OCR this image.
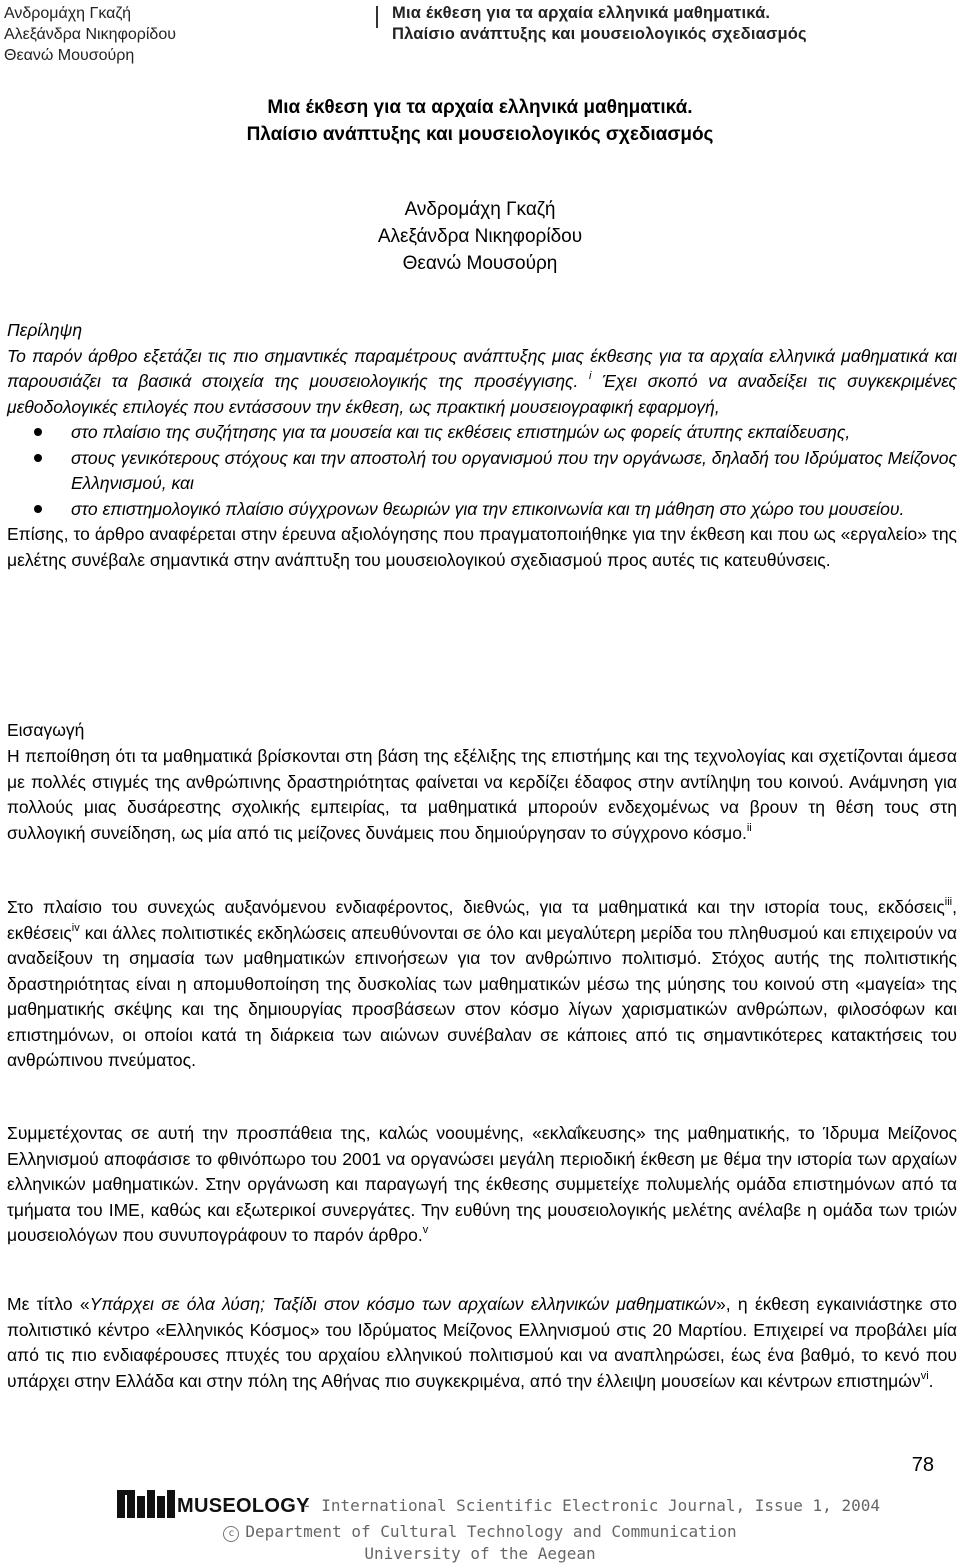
Ανδρομάχη Γκαζή
Αλεξάνδρα Νικηφορίδου
Θεανώ Μουσούρη
Μια έκθεση για τα αρχαία ελληνικά μαθηματικά.
Πλαίσιο ανάπτυξης και μουσειολογικός σχεδιασμός
Μια έκθεση για τα αρχαία ελληνικά μαθηματικά.
Πλαίσιο ανάπτυξης και μουσειολογικός σχεδιασμός
Ανδρομάχη Γκαζή
Αλεξάνδρα Νικηφορίδου
Θεανώ Μουσούρη
Περίληψη

Το παρόν άρθρο εξετάζει τις πιο σημαντικές παραμέτρους ανάπτυξης μιας έκθεσης για τα αρχαία ελληνικά μαθηματικά και παρουσιάζει τα βασικά στοιχεία της μουσειολογικής της προσέγγισης. $^i$ Έχει σκοπό να αναδείξει τις συγκεκριμένες μεθοδολογικές επιλογές που εντάσσουν την έκθεση, ως πρακτική μουσειογραφική εφαρμογή,

στο πλαίσιο της συζήτησης για τα μουσεία και τις εκθέσεις επιστημών ως φορείς άτυπης εκπαίδευσης,
στους γενικότερους στόχους και την αποστολή του οργανισμού που την οργάνωσε, δηλαδή του Ιδρύματος Μείζονος Ελληνισμού, και
στο επιστημολογικό πλαίσιο σύγχρονων θεωριών για την επικοινωνία και τη μάθηση στο χώρο του μουσείου.

Επίσης, το άρθρο αναφέρεται στην έρευνα αξιολόγησης που πραγματοποιήθηκε για την έκθεση και που ως «εργαλείο» της μελέτης συνέβαλε σημαντικά στην ανάπτυξη του μουσειολογικού σχεδιασμού προς αυτές τις κατευθύνσεις.

Εισαγωγή

Η πεποίθηση ότι τα μαθηματικά βρίσκονται στη βάση της εξέλιξης της επιστήμης και της τεχνολογίας και σχετίζονται άμεσα με πολλές στιγμές της ανθρώπινης δραστηριότητας φαίνεται να κερδίζει έδαφος στην αντίληψη του κοινού. Ανάμνηση για πολλούς μιας δυσάρεστης σχολικής εμπειρίας, τα μαθηματικά μπορούν ενδεχομένως να βρουν τη θέση τους στη συλλογική συνείδηση, ως μία από τις μείζονες δυνάμεις που δημιούργησαν το σύγχρονο κόσμο.$^{ii}$

Στο πλαίσιο του συνεχώς αυξανόμενου ενδιαφέροντος, διεθνώς, για τα μαθηματικά και την ιστορία τους, εκδόσεις$^{iii}$, εκθέσεις$^{iv}$ και άλλες πολιτιστικές εκδηλώσεις απευθύνονται σε όλο και μεγαλύτερη μερίδα του πληθυσμού και επιχειρούν να αναδείξουν τη σημασία των μαθηματικών επινοήσεων για τον ανθρώπινο πολιτισμό. Στόχος αυτής της πολιτιστικής δραστηριότητας είναι η απομυθοποίηση της δυσκολίας των μαθηματικών μέσω της μύησης του κοινού στη «μαγεία» της μαθηματικής σκέψης και της δημιουργίας προσβάσεων στον κόσμο λίγων χαρισματικών ανθρώπων, φιλοσόφων και επιστημόνων, οι οποίοι κατά τη διάρκεια των αιώνων συνέβαλαν σε κάποιες από τις σημαντικότερες κατακτήσεις του ανθρώπινου πνεύματος.

Συμμετέχοντας σε αυτή την προσπάθεια της, καλώς νοουμένης, «εκλαΐκευσης» της μαθηματικής, το Ίδρυμα Μείζονος Ελληνισμού αποφάσισε το φθινόπωρο του 2001 να οργανώσει μεγάλη περιοδική έκθεση με θέμα την ιστορία των αρχαίων ελληνικών μαθηματικών. Στην οργάνωση και παραγωγή της έκθεσης συμμετείχε πολυμελής ομάδα επιστημόνων από τα τμήματα του ΙΜΕ, καθώς και εξωτερικοί συνεργάτες. Την ευθύνη της μουσειολογικής μελέτης ανέλαβε η ομάδα των τριών μουσειολόγων που συνυπογράφουν το παρόν άρθρο.$^v$

Με τίτλο «Υπάρχει σε όλα λύση; Ταξίδι στον κόσμο των αρχαίων ελληνικών μαθηματικών», η έκθεση εγκαινιάστηκε στο πολιτιστικό κέντρο «Ελληνικός Κόσμος» του Ιδρύματος Μείζονος Ελληνισμού στις 20 Μαρτίου. Επιχειρεί να προβάλει μία από τις πιο ενδιαφέρουσες πτυχές του αρχαίου ελληνικού πολιτισμού και να αναπληρώσει, έως ένα βαθμό, το κενό που υπάρχει στην Ελλάδα και στην πόλη της Αθήνας πιο συγκεκριμένα, από την έλλειψη μουσείων και κέντρων επιστημών$^{vi}$.

78
MUSEOLOGY
- International Scientific Electronic Journal, Issue 1, 2004
c Department of Cultural Technology and Communication
University of the Aegean
